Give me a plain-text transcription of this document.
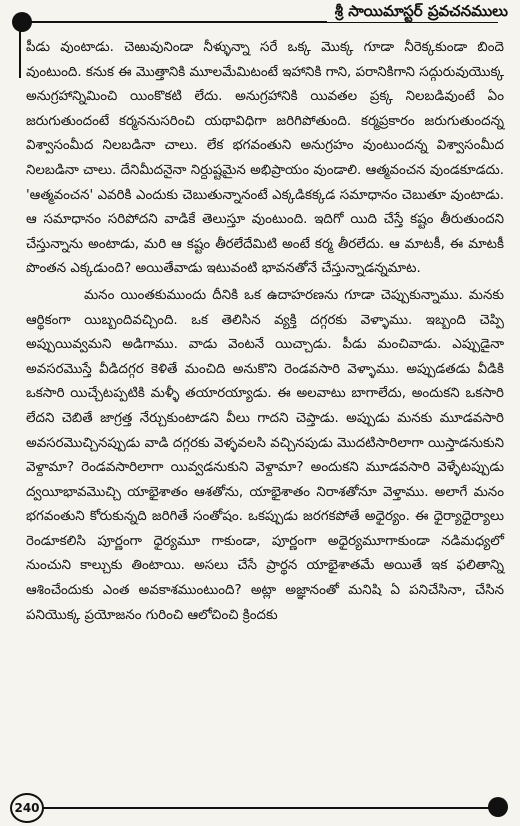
శ్రీ సాయిమాస్టర్ ప్రవచనములు

పీడు వుంటాడు. చెఱువునిండా నీళ్ళున్నా సరే ఒక్క మొక్క గూడా నీరెక్కకుండా బిందె వుంటుంది. కనుక ఈ మొత్తానికి మూలమేమిటంటే ఇహానికి గాని, పరానికిగాని సద్గురువుయొక్క అనుగ్రహాన్నిమించి యింకొకటి లేదు. అనుగ్రహానికి యివతల ప్రక్క నిలబడివుంటే ఏం జరుగుతుందంటే కర్మననుసరించి యథావిధిగా జరిగిపోతుంది. కర్మప్రకారం జరుగుతుందన్న విశ్వాసంమీద నిలబడినా చాలు. లేక భగవంతుని అనుగ్రహం వుంటుందన్న విశ్వాసంమీద నిలబడినా చాలు. దేనిమీదనైనా నిర్దుష్టమైన అభిప్రాయం వుండాలి. ఆత్మవంచన వుండకూడదు. 'ఆత్మవంచన' ఎవరికి ఎందుకు చెబుతున్నానంటే ఎక్కడికక్కడ సమాధానం చెబుతూ వుంటాడు. ఆ సమాధానం సరిపోదని వాడికే తెలుస్తూ వుంటుంది. ఇదిగో యిది చేస్తే కష్టం తీరుతుందని చేస్తున్నాను అంటాడు, మరి ఆ కష్టం తీరలేదేమిటి అంటే కర్మ తీరలేదు. ఆ మాటకీ, ఈ మాటకీ పొంతన ఎక్కడుంది? అయితేవాడు ఇటువంటి భావనతోనే చేస్తున్నాడన్నమాట.

మనం యింతకుముందు దీనికి ఒక ఉదాహరణను గూడా చెప్పుకున్నాము. మనకు ఆర్థికంగా యిబ్బందివచ్చింది. ఒక తెలిసిన వ్యక్తి దగ్గరకు వెళ్ళాము. ఇబ్బంది చెప్పి అప్పుయివ్వమని అడిగాము. వాడు వెంటనే యిచ్చాడు. పీడు మంచివాడు. ఎప్పుడైనా అవసరమొస్తే వీడిదగ్గర కెళితే మంచిది అనుకొని రెండవసారి వెళ్ళాము. అప్పుడతడు వీడికి ఒకసారి యిచ్చేటప్పటికి మళ్ళీ తయారయ్యాడు. ఈ అలవాటు బాగాలేదు, అందుకని ఒకసారి లేదని చెబితే జాగ్రత్త నేర్చుకుంటాడని వీలు గాదని చెప్తాడు. అప్పుడు మనకు మూడవసారి అవసరమొచ్చినప్పుడు వాడి దగ్గరకు వెళ్ళవలసి వచ్చినపుడు మొదటిసారిలాగా యిస్తాడనుకుని వెళ్దామా? రెండవసారిలాగా యివ్వడనుకుని వెళ్దామా? అందుకని మూడవసారి వెళ్ళేటప్పుడు ద్వయీభావమొచ్చి యాభైశాతం ఆశతోను, యాభైశాతం నిరాశతోనూ వెళ్తాము. అలాగే మనం భగవంతుని కోరుకున్నది జరిగితే సంతోషం. ఒకప్పుడు జరగకపోతే అధైర్యం. ఈ ధైర్యాధైర్యాలు రెండూకలిసి పూర్ణంగా ధైర్యమూ గాకుండా, పూర్ణంగా అధైర్యమూగాకుండా నడిమధ్యలో నుంచుని కాల్చుకు తింటాయి. అసలు చేసే ప్రార్థన యాభైశాతమే అయితే ఇక ఫలితాన్ని ఆశించేందుకు ఎంత అవకాశముంటుంది? అట్లా అజ్ఞానంతో మనిషి ఏ పనిచేసినా, చేసిన పనియొక్క ప్రయోజనం గురించి ఆలోచించి క్రిందకు

240
